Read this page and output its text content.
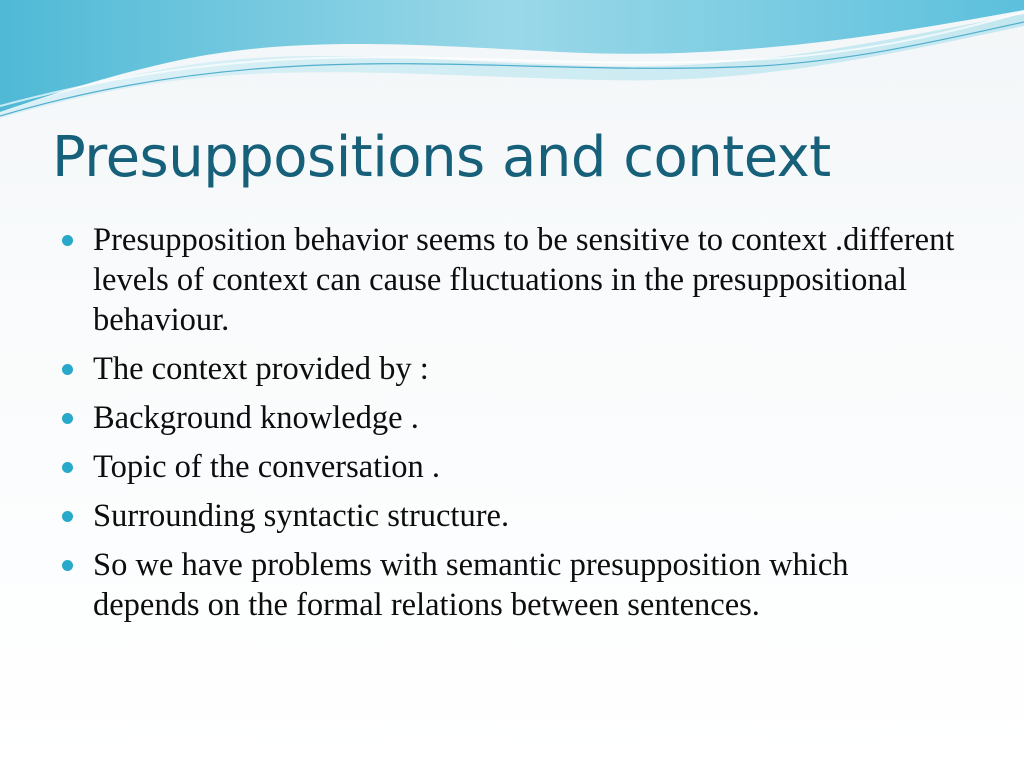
Presuppositions and context
Presupposition behavior seems to be sensitive to context .different levels of context can cause fluctuations in the presuppositional behaviour.
The context provided by :
Background knowledge .
Topic of the conversation .
Surrounding syntactic structure.
So we have problems with semantic presupposition which depends on the formal relations between sentences.
